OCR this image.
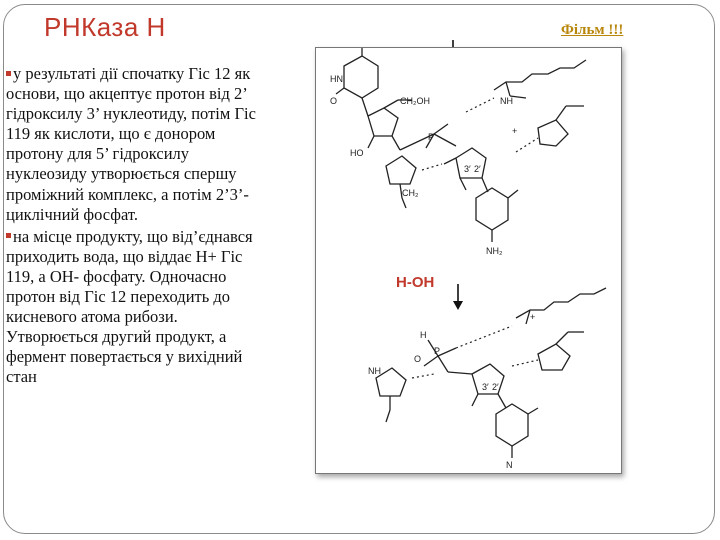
РНКаза Н	Фільм !!!

у результаті дії спочатку Гіс 12 як основи, що акцептує протон від 2’ гідроксилу 3’ нуклеотиду, потім Гіс 119 як кислоти, що є донором протону для 5’ гідроксилу нуклеозиду утворюється спершу проміжний комплекс, а потім 2’3’-циклічний фосфат.

на місце продукту, що від’єднався приходить вода, що віддає Н+ Гіс 119, а ОН- фосфату. Одночасно протон від Гіс 12 переходить до кисневого атома рибози. Утворюється другий продукт, а фермент повертається у вихідний стан

HN
O	CH₂OH
HO
P
3′ 2′
NH₂
CH₂
NH
+
H
O
P
3′ 2′
N
+
NH
Н-ОН
